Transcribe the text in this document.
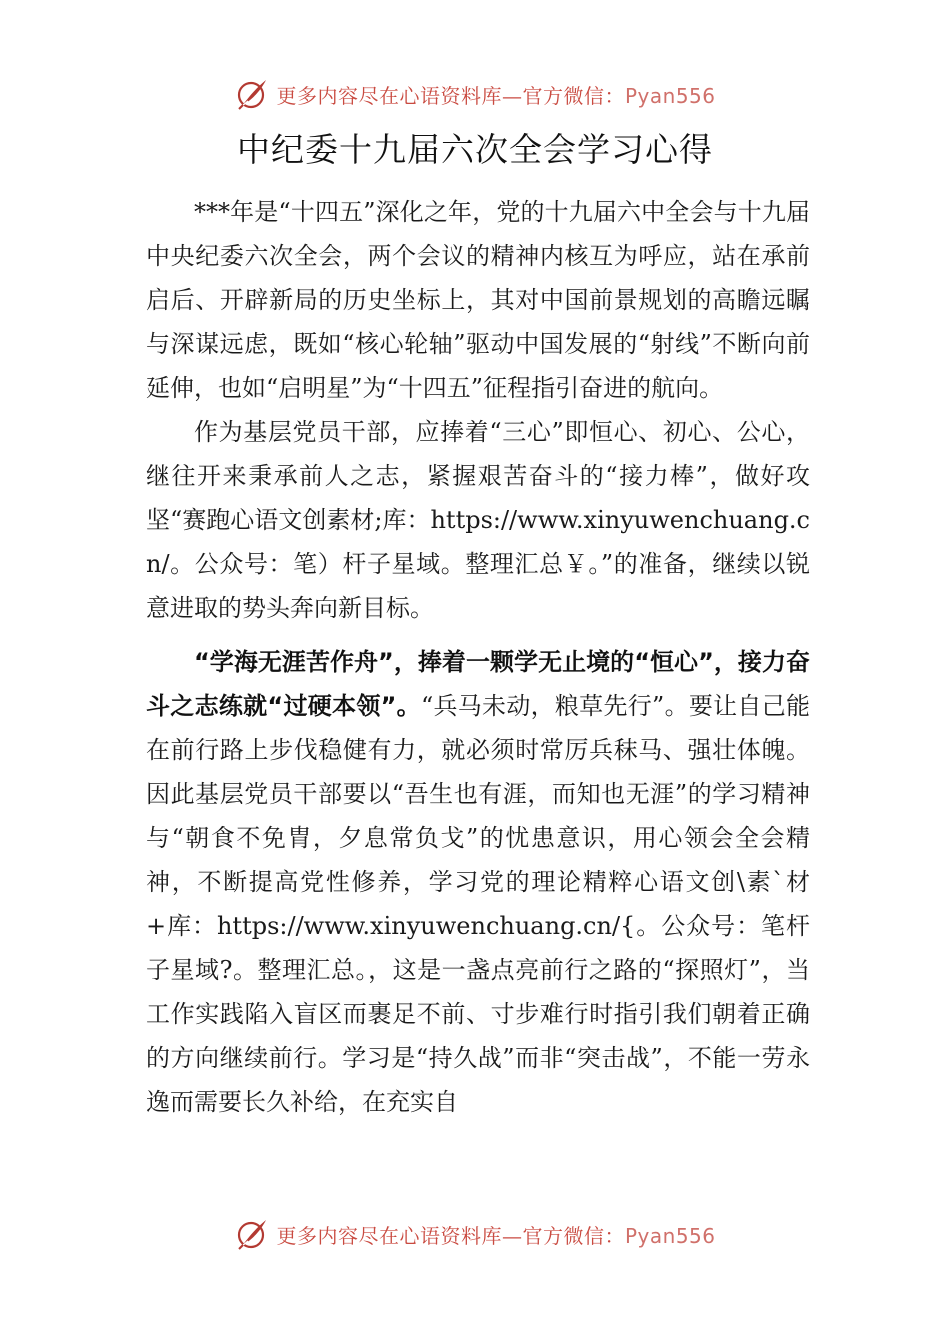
更多内容尽在心语资料库—官方微信：Pyan556
中纪委十九届六次全会学习心得

***年是“十四五”深化之年，党的十九届六中全会与十九届中央纪委六次全会，两个会议的精神内核互为呼应，站在承前启后、开辟新局的历史坐标上，其对中国前景规划的高瞻远瞩与深谋远虑，既如“核心轮轴”驱动中国发展的“射线”不断向前延伸，也如“启明星”为“十四五”征程指引奋进的航向。

作为基层党员干部，应捧着“三心”即恒心、初心、公心，继往开来秉承前人之志，紧握艰苦奋斗的“接力棒”，做好攻坚“赛跑心语文创素材;库：https://www.xinyuwenchuang.cn/。公众号：笔）杆子星域。整理汇总￥。”的准备，继续以锐意进取的势头奔向新目标。

“学海无涯苦作舟”，捧着一颗学无止境的“恒心”，接力奋斗之志练就“过硬本领”。“兵马未动，粮草先行”。要让自己能在前行路上步伐稳健有力，就必须时常厉兵秣马、强壮体魄。因此基层党员干部要以“吾生也有涯，而知也无涯”的学习精神与“朝食不免胄，夕息常负戈”的忧患意识，用心领会全会精神，不断提高党性修养，学习党的理论精粹心语文创\素`材+库：https://www.xinyuwenchuang.cn/{。公众号：笔杆子星域?。整理汇总。，这是一盏点亮前行之路的“探照灯”，当工作实践陷入盲区而裹足不前、寸步难行时指引我们朝着正确的方向继续前行。学习是“持久战”而非“突击战”，不能一劳永逸而需要长久补给，在充实自

更多内容尽在心语资料库—官方微信：Pyan556
